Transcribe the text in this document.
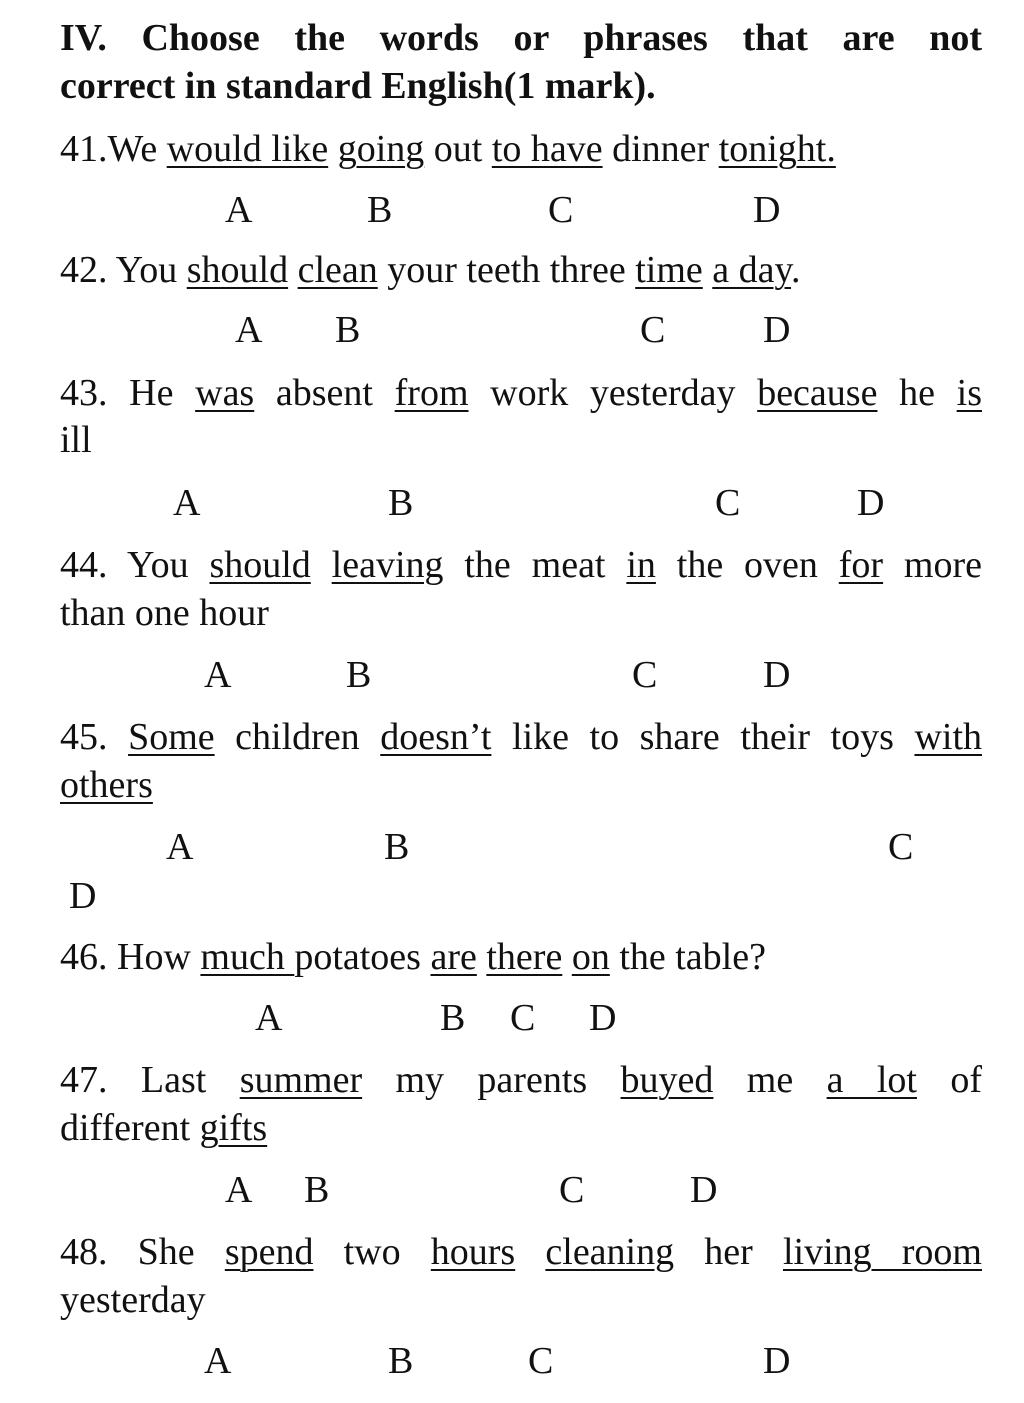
IV. Choose the words or phrases that are not

correct in standard English(1 mark).

41.We would like going out to have dinner tonight.

A	B	C	D

42. You should clean your teeth three time a day.

A B	C	D

43. He was absent from work yesterday because he is

ill

A	B	C	D

44. You should leaving the meat in the oven for more

than one hour

A	B	C	D

45. Some children doesn’t like to share their toys with

others

A	B	C
D

46. How much potatoes are there on the table?

A	B C D

47. Last summer my parents buyed me a lot of

different gifts

A B	C	D

48. She spend two hours cleaning her living room

yesterday

A	B	C	D
